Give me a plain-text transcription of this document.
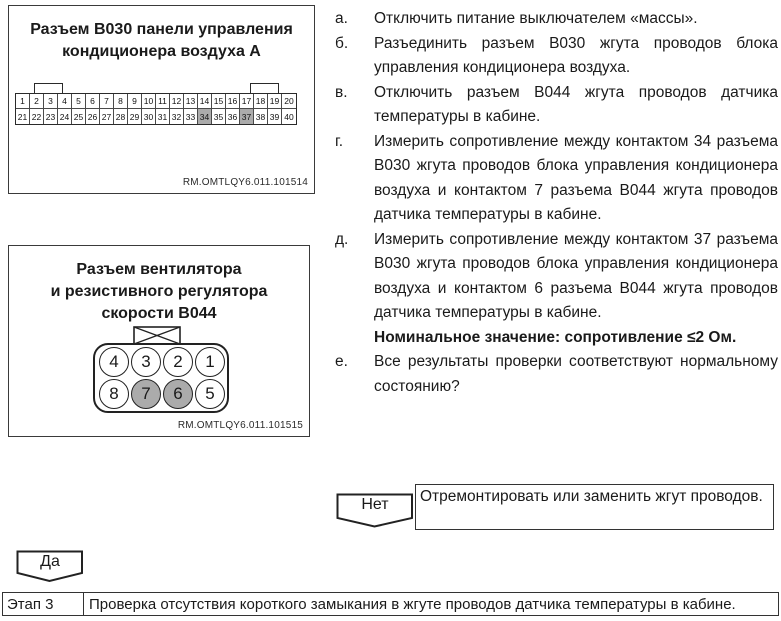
Разъем B030 панели управления
кондиционера воздуха A
1	2	3	4	5	6	7	8	9 10 11 12 13 14 15 16 17 18 19 20
21 22 23 24 25 26 27 28 29 30 31 32 33 34 35 36 37 38 39 40
RM.OMTLQY6.011.101514
Разъем вентилятора
и резистивного регулятора
скорости B044
4	3	2	1
8	7	6	5
RM.OMTLQY6.011.101515
а.	Отключить питание выключателем «массы».
б.	Разъединить разъем B030 жгута проводов блока управления кондиционера воздуха.
в.	Отключить разъем B044 жгута проводов датчика температуры в кабине.
г.	Измерить сопротивление между контактом 34 разъема B030 жгута проводов блока управления кондиционера воздуха и контактом 7 разъема B044 жгута проводов датчика температуры в кабине.
д.	Измерить сопротивление между контактом 37 разъема B030 жгута проводов блока управления кондиционера воздуха и контактом 6 разъема B044 жгута проводов датчика температуры в кабине.
Номинальное значение: сопротивление ≤2 Ом.
е.	Все результаты проверки соответствуют нормальному состоянию?
Нет	Отремонтировать или заменить жгут проводов.
Да
Этап 3	Проверка отсутствия короткого замыкания в жгуте проводов датчика температуры в кабине.
